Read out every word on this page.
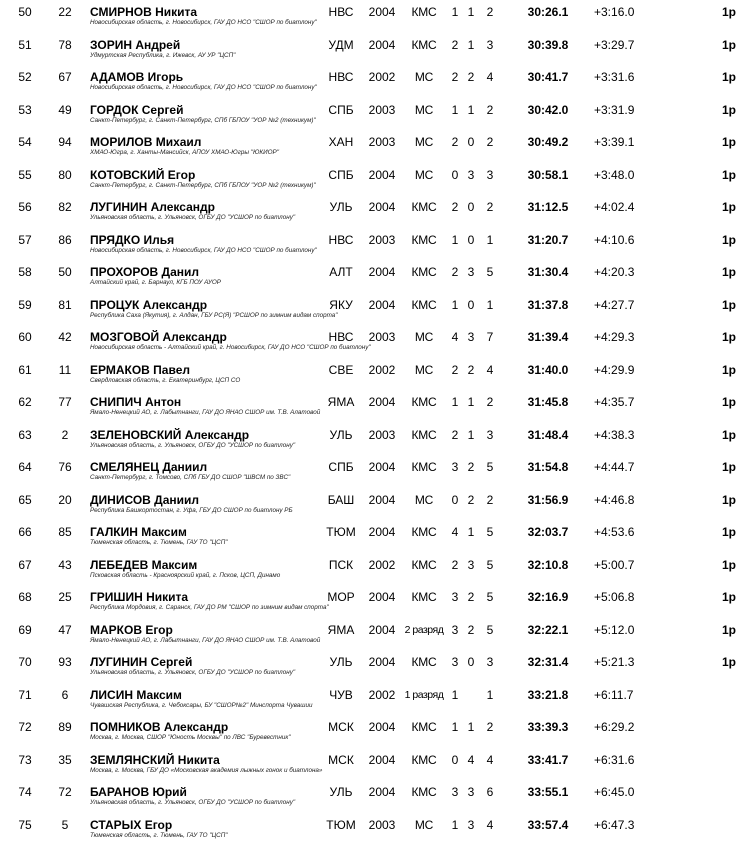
50	22	СМИРНОВ Никита
Новосибирская область, г. Новосибирск, ГАУ ДО НСО "СШОР по биатлону"
НВС 2004	КМС	1 1	2	30:26.1	+3:16.0	1р
51	78	ЗОРИН Андрей
Удмуртская Республика, г. Ижевск, АУ УР "ЦСП"
УДМ 2004	КМС	2 1	3	30:39.8	+3:29.7	1р
52	67	АДАМОВ Игорь
Новосибирская область, г. Новосибирск, ГАУ ДО НСО "СШОР по биатлону"
НВС 2002	МС	2 2	4	30:41.7	+3:31.6	1р
53	49	ГОРДОК Сергей
Санкт-Петербург, г. Санкт-Петербург, СПб ГБПОУ "УОР №2 (техникум)"
СПБ 2003	МС	1 1	2	30:42.0	+3:31.9	1р
54	94	МОРИЛОВ Михаил
ХМАО-Югра, г. Ханты-Мансийск, АПОУ ХМАО-Югры "ЮКИОР"
ХАН 2003	МС	2 0	2	30:49.2	+3:39.1	1р
55	80	КОТОВСКИЙ Егор
Санкт-Петербург, г. Санкт-Петербург, СПб ГБПОУ "УОР №2 (техникум)"
СПБ 2004	МС	0 3	3	30:58.1	+3:48.0	1р
56	82	ЛУГИНИН Александр
Ульяновская область, г. Ульяновск, ОГБУ ДО "УСШОР по биатлону"
УЛЬ 2004	КМС	2 0	2	31:12.5	+4:02.4	1р
57	86	ПРЯДКО Илья
Новосибирская область, г. Новосибирск, ГАУ ДО НСО "СШОР по биатлону"
НВС 2003	КМС	1 0	1	31:20.7	+4:10.6	1р
58	50	ПРОХОРОВ Данил
Алтайский край, г. Барнаул, КГБ ПОУ АУОР
АЛТ 2004	КМС	2 3	5	31:30.4	+4:20.3	1р
59	81	ПРОЦУК Александр
Республика Саха (Якутия), г. Алдан, ГБУ РС(Я) "РСШОР по зимним видам спорта"
ЯКУ 2004	КМС	1 0	1	31:37.8	+4:27.7	1р
60	42	МОЗГОВОЙ Александр
Новосибирская область - Алтайский край, г. Новосибирск, ГАУ ДО НСО "СШОР по биатлону"
НВС 2003	МС	4 3	7	31:39.4	+4:29.3	1р
61	11	ЕРМАКОВ Павел
Свердловская область, г. Екатеринбург, ЦСП СО
СВЕ 2002	МС	2 2	4	31:40.0	+4:29.9	1р
62	77	СНИПИЧ Антон
Ямало-Ненецкий АО, г. Лабытнанги, ГАУ ДО ЯНАО СШОР им. Т.В. Алатовой
ЯМА 2004	КМС	1 1	2	31:45.8	+4:35.7	1р
63	2	ЗЕЛЕНОВСКИЙ Александр
Ульяновская область, г. Ульяновск, ОГБУ ДО "УСШОР по биатлону"
УЛЬ 2003	КМС	2 1	3	31:48.4	+4:38.3	1р
64	76	СМЕЛЯНЕЦ Даниил
Санкт-Петербург, г. Томсово, СПб ГБУ ДО СШОР "ШВСМ по ЗВС"
СПБ 2004	КМС	3 2	5	31:54.8	+4:44.7	1р
65	20	ДИНИСОВ Даниил
Республика Башкортостан, г. Уфа, ГБУ ДО СШОР по биатлону РБ
БАШ 2004	МС	0 2	2	31:56.9	+4:46.8	1р
66	85	ГАЛКИН Максим
Тюменская область, г. Тюмень, ГАУ ТО "ЦСП"
ТЮМ 2004	КМС	4 1	5	32:03.7	+4:53.6	1р
67	43	ЛЕБЕДЕВ Максим
Псковская область - Красноярский край, г. Псков, ЦСП, Динамо
ПСК 2002	КМС	2 3	5	32:10.8	+5:00.7	1р
68	25	ГРИШИН Никита
Республика Мордовия, г. Саранск, ГАУ ДО РМ "СШОР по зимним видам спорта"
МОР 2004	КМС	3 2	5	32:16.9	+5:06.8	1р
69	47	МАРКОВ Егор
Ямало-Ненецкий АО, г. Лабытнанги, ГАУ ДО ЯНАО СШОР им. Т.В. Алатовой
ЯМА 2004 2 разряд 3 2	5	32:22.1	+5:12.0	1р
70	93	ЛУГИНИН Сергей
Ульяновская область, г. Ульяновск, ОГБУ ДО "УСШОР по биатлону"
УЛЬ 2004	КМС	3 0	3	32:31.4	+5:21.3	1р
71	6	ЛИСИН Максим
Чувашская Республика, г. Чебоксары, БУ "СШОР№2" Минспорта Чувашии
ЧУВ 2002 1 разряд 1	1	33:21.8	+6:11.7
72	89	ПОМНИКОВ Александр
Москва, г. Москва, СШОР "Юность Москвы" по ЛВС "Буревестник"
МСК 2004	КМС	1 1	2	33:39.3	+6:29.2
73	35	ЗЕМЛЯНСКИЙ Никита
Москва, г. Москва, ГБУ ДО «Московская академия лыжных гонок и биатлона»
МСК 2004	КМС	0 4	4	33:41.7	+6:31.6
74	72	БАРАНОВ Юрий
Ульяновская область, г. Ульяновск, ОГБУ ДО "УСШОР по биатлону"
УЛЬ 2004	КМС	3 3	6	33:55.1	+6:45.0
75	5	СТАРЫХ Егор
Тюменская область, г. Тюмень, ГАУ ТО "ЦСП"
ТЮМ 2003	МС	1 3	4	33:57.4	+6:47.3
